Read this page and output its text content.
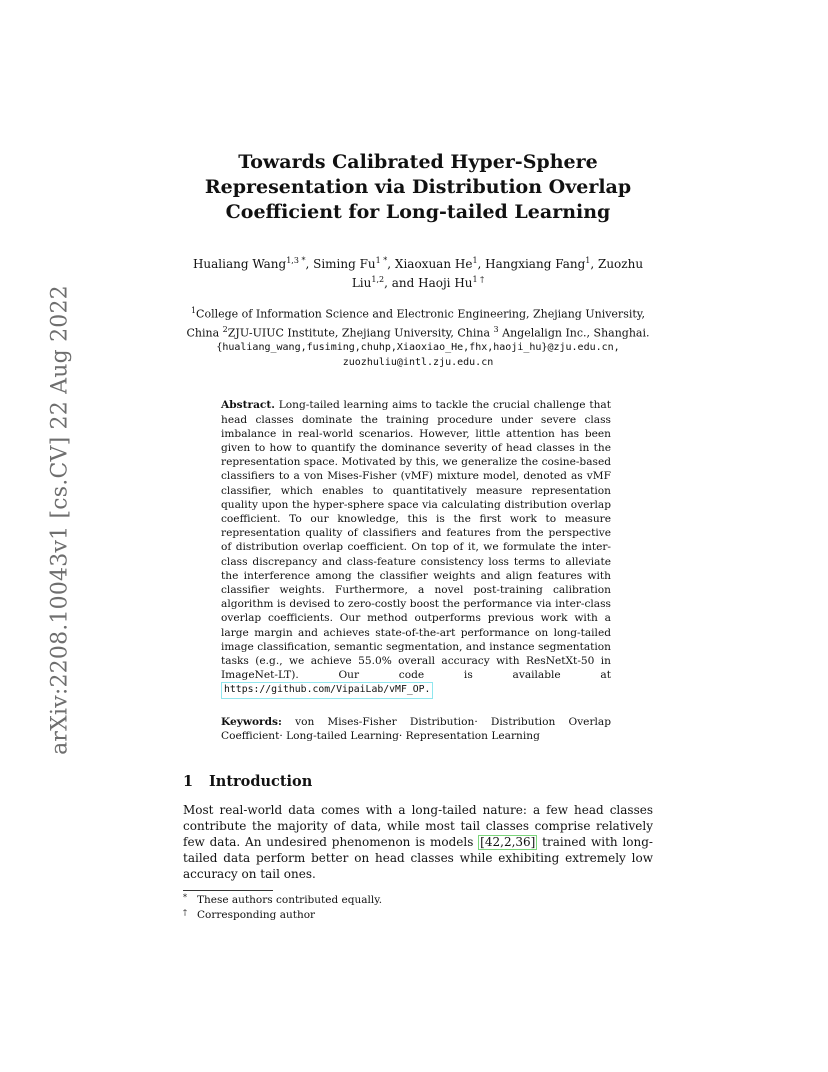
arXiv:2208.10043v1 [cs.CV] 22 Aug 2022
Towards Calibrated Hyper-Sphere Representation via Distribution Overlap Coefficient for Long-tailed Learning
Hualiang Wang$^{1,3 *}$, Siming $Fu^{1 *}$, Xiaoxuan He$^1$, Hangxiang Fang$^1$, Zuozhu Liu$^{1,2}$, and Haoji $Hu^{1 \dagger}$
$^1$College of Information Science and Electronic Engineering, Zhejiang University, China $^2$ZJU-UIUC Institute, Zhejiang University, China $^3$ Angelalign Inc., Shanghai.
{hualiang_wang,fusiming,chuhp,Xiaoxiao_He,fhx,haoji_hu}@zju.edu.cn,
zuozhuliu@intl.zju.edu.cn
Abstract. Long-tailed learning aims to tackle the crucial challenge that head classes dominate the training procedure under severe class imbalance in real-world scenarios. However, little attention has been given to how to quantify the dominance severity of head classes in the representation space. Motivated by this, we generalize the cosine-based classifiers to a von Mises-Fisher (vMF) mixture model, denoted as vMF classifier, which enables to quantitatively measure representation quality upon the hyper-sphere space via calculating distribution overlap coefficient. To our knowledge, this is the first work to measure representation quality of classifiers and features from the perspective of distribution overlap coefficient. On top of it, we formulate the inter-class discrepancy and class-feature consistency loss terms to alleviate the interference among the classifier weights and align features with classifier weights. Furthermore, a novel post-training calibration algorithm is devised to zero-costly boost the performance via inter-class overlap coefficients. Our method outperforms previous work with a large margin and achieves state-of-the-art performance on long-tailed image classification, semantic segmentation, and instance segmentation tasks (e.g., we achieve 55.0% overall accuracy with ResNetXt-50 in ImageNet-LT). Our code is available at https://github.com/VipaiLab/vMF_OP.
Keywords: von Mises-Fisher Distribution· Distribution Overlap Coefficient· Long-tailed Learning· Representation Learning
1 Introduction
Most real-world data comes with a long-tailed nature: a few head classes contribute the majority of data, while most tail classes comprise relatively few data. An undesired phenomenon is models [42,2,36] trained with long-tailed data perform better on head classes while exhibiting extremely low accuracy on tail ones.
* These authors contributed equally.
† Corresponding author
